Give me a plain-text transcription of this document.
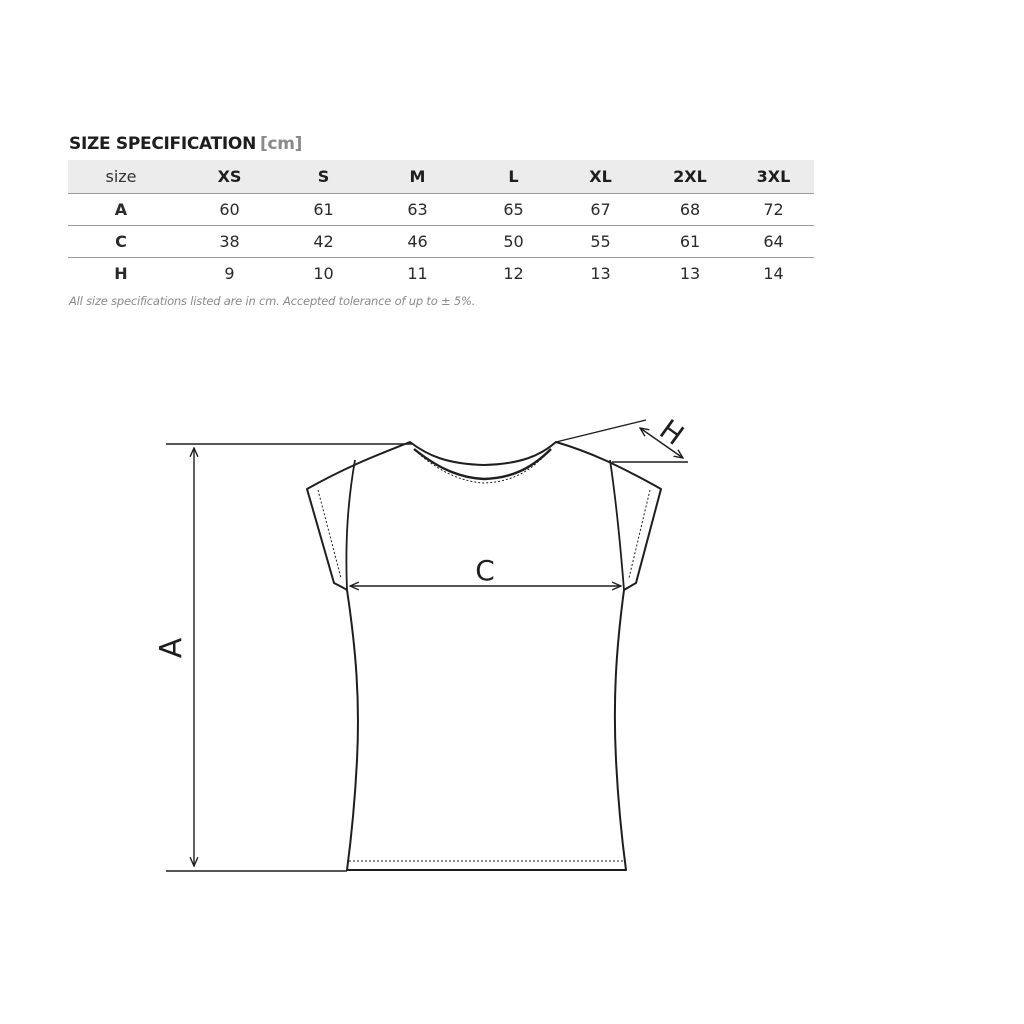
SIZE SPECIFICATION [cm]
size	XS	S	M	L	XL	2XL	3XL
A	60	61	63	65	67	68	72
C	38	42	46	50	55	61	64
H	9	10	11	12	13	13	14

All size specifications listed are in cm. Accepted tolerance of up to ± 5%.

A
C
H
